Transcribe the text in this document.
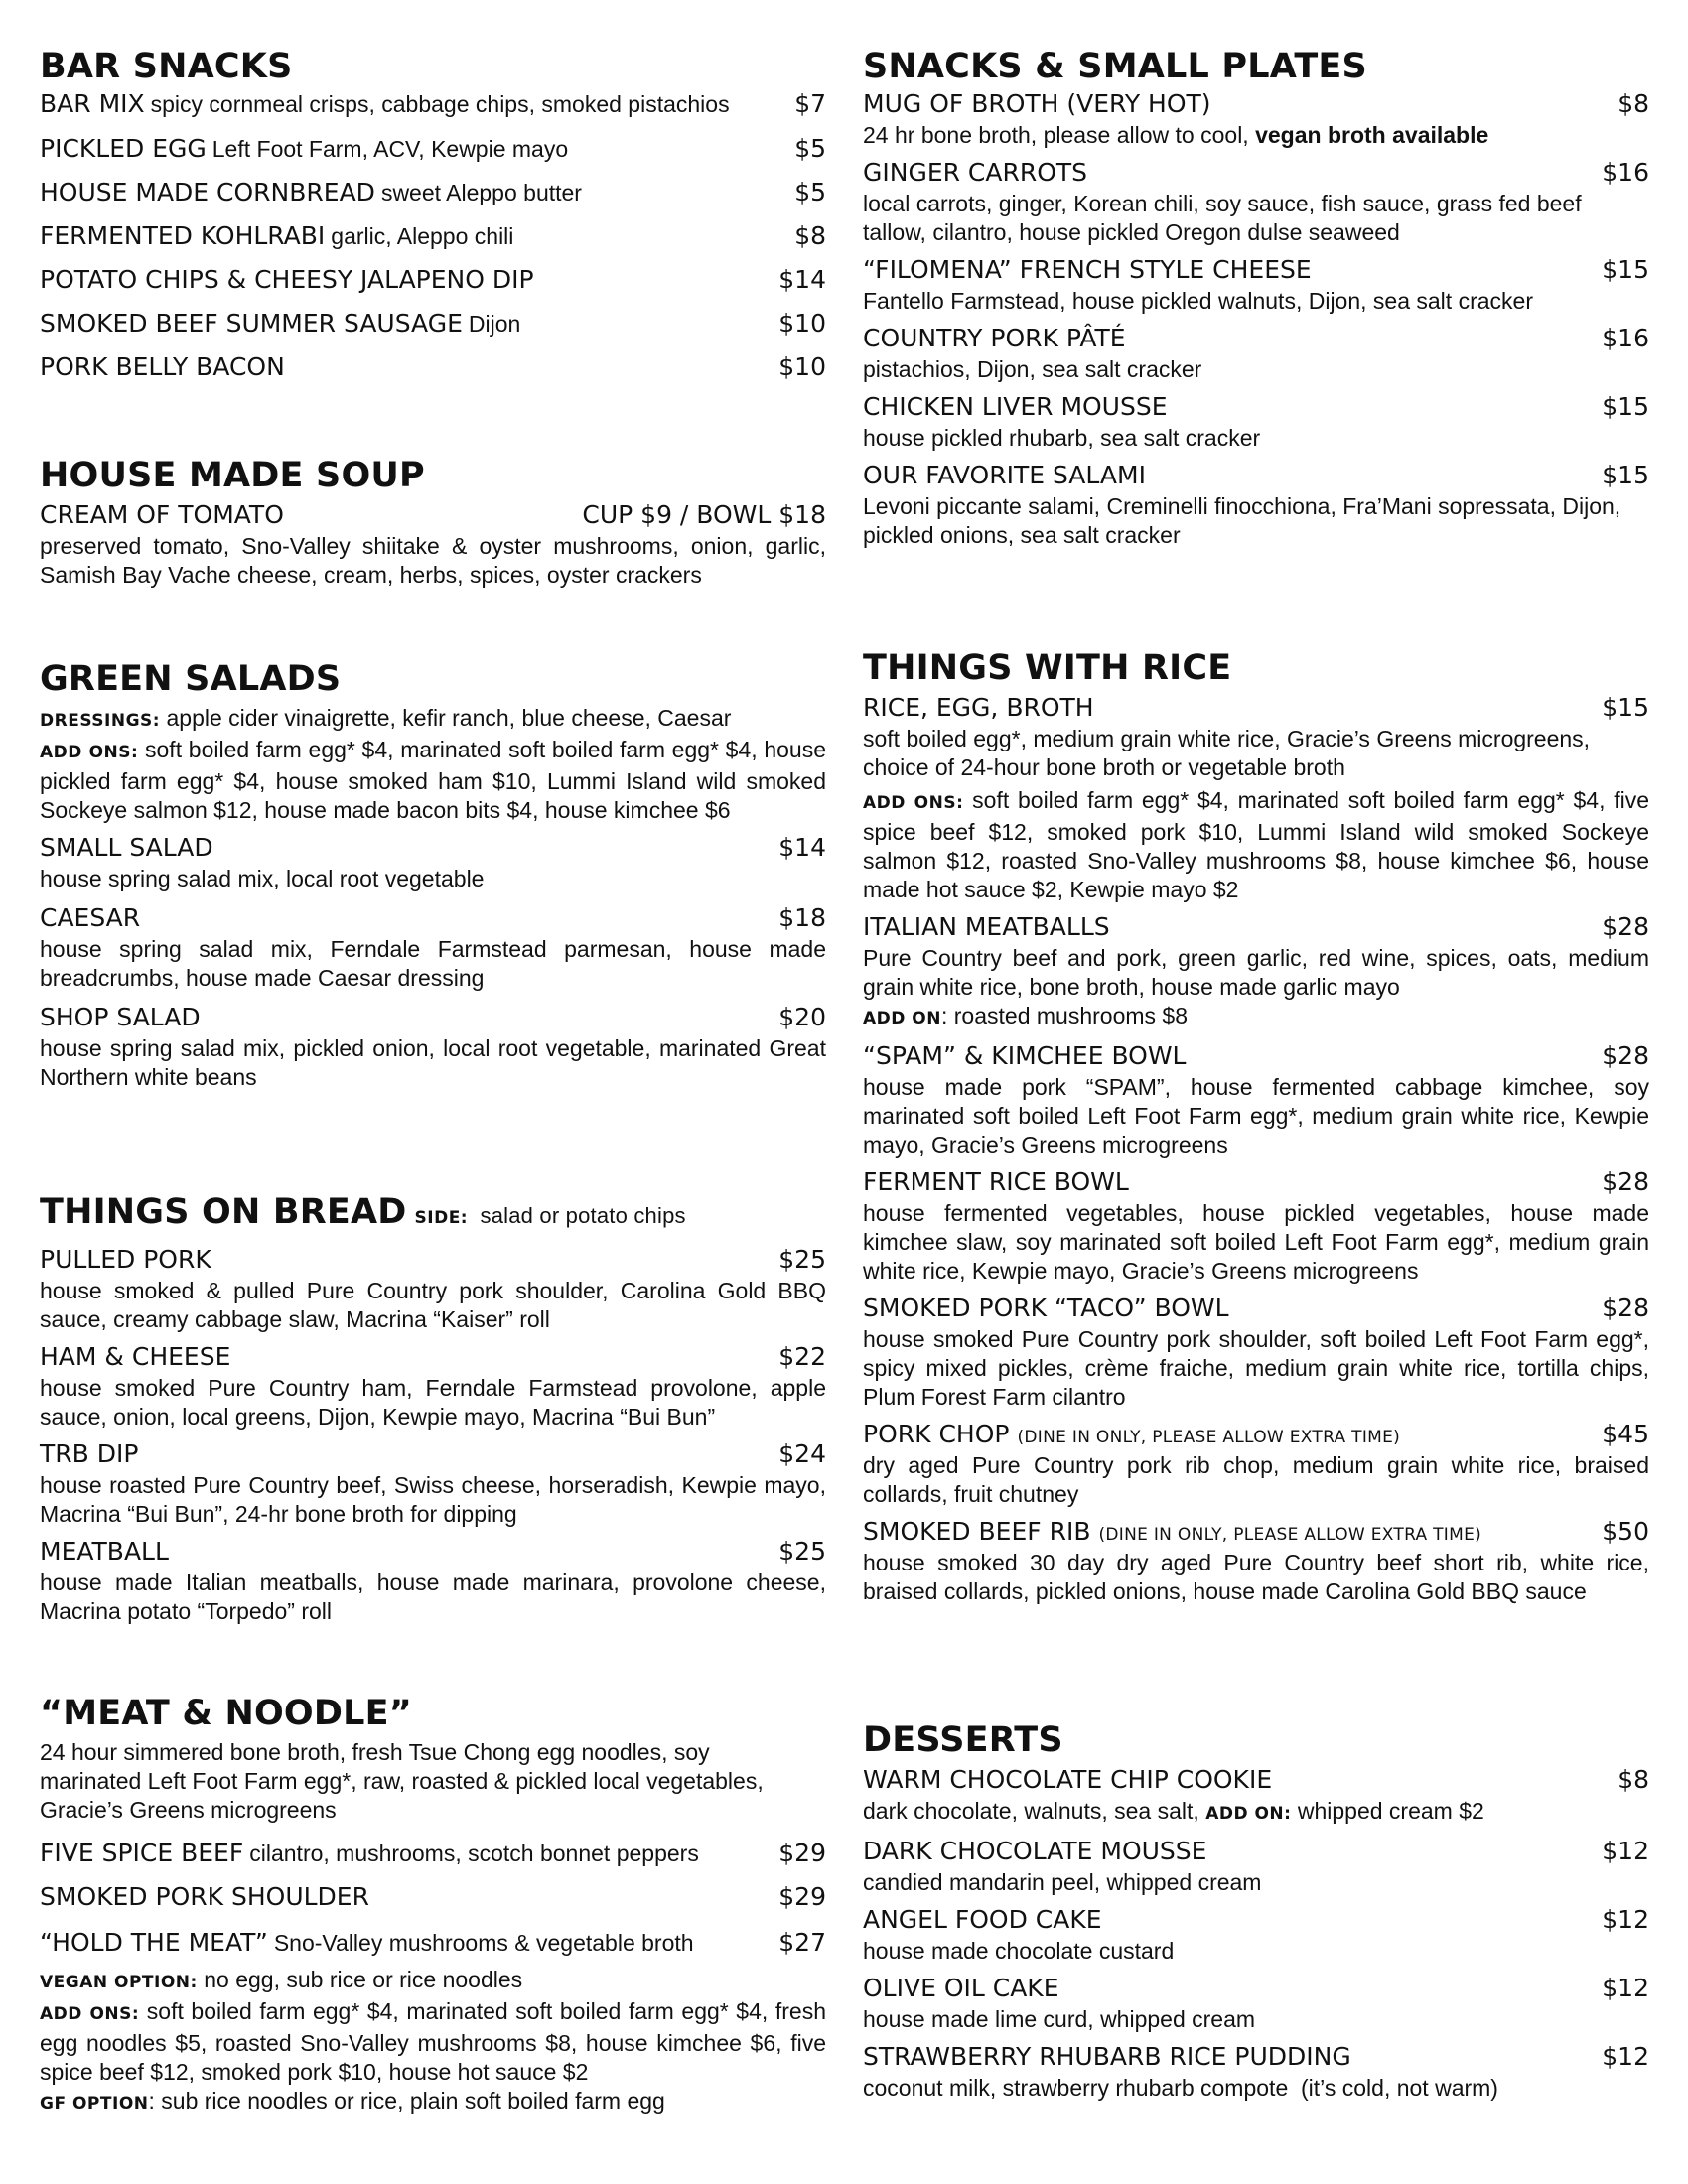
BAR SNACKS
BAR MIX spicy cornmeal crisps, cabbage chips, smoked pistachios	$7
PICKLED EGG Left Foot Farm, ACV, Kewpie mayo	$5
HOUSE MADE CORNBREAD sweet Aleppo butter	$5
FERMENTED KOHLRABI garlic, Aleppo chili	$8
POTATO CHIPS & CHEESY JALAPENO DIP	$14
SMOKED BEEF SUMMER SAUSAGE Dijon	$10
PORK BELLY BACON	$10
HOUSE MADE SOUP
CREAM OF TOMATO	CUP $9 / BOWL $18

preserved tomato, Sno-Valley shiitake & oyster mushrooms, onion, garlic, Samish Bay Vache cheese, cream, herbs, spices, oyster crackers

GREEN SALADS

DRESSINGS: apple cider vinaigrette, kefir ranch, blue cheese, Caesar

ADD ONS: soft boiled farm egg* $4, marinated soft boiled farm egg* $4, house pickled farm egg* $4, house smoked ham $10, Lummi Island wild smoked Sockeye salmon $12, house made bacon bits $4, house kimchee $6

SMALL SALAD	$14

house spring salad mix, local root vegetable

CAESAR	$18

house spring salad mix, Ferndale Farmstead parmesan, house made breadcrumbs, house made Caesar dressing

SHOP SALAD	$20

house spring salad mix, pickled onion, local root vegetable, marinated Great Northern white beans

THINGS ON BREAD SIDE: salad or potato chips
PULLED PORK	$25

house smoked & pulled Pure Country pork shoulder, Carolina Gold BBQ sauce, creamy cabbage slaw, Macrina “Kaiser” roll

HAM & CHEESE	$22

house smoked Pure Country ham, Ferndale Farmstead provolone, apple sauce, onion, local greens, Dijon, Kewpie mayo, Macrina “Bui Bun”

TRB DIP	$24

house roasted Pure Country beef, Swiss cheese, horseradish, Kewpie mayo, Macrina “Bui Bun”, 24-hr bone broth for dipping

MEATBALL	$25

house made Italian meatballs, house made marinara, provolone cheese, Macrina potato “Torpedo” roll

“MEAT & NOODLE”

24 hour simmered bone broth, fresh Tsue Chong egg noodles, soy marinated Left Foot Farm egg*, raw, roasted & pickled local vegetables, Gracie’s Greens microgreens

FIVE SPICE BEEF cilantro, mushrooms, scotch bonnet peppers	$29
SMOKED PORK SHOULDER	$29
“HOLD THE MEAT” Sno-Valley mushrooms & vegetable broth	$27

VEGAN OPTION: no egg, sub rice or rice noodles

ADD ONS: soft boiled farm egg* $4, marinated soft boiled farm egg* $4, fresh egg noodles $5, roasted Sno-Valley mushrooms $8, house kimchee $6, five spice beef $12, smoked pork $10, house hot sauce $2

GF OPTION: sub rice noodles or rice, plain soft boiled farm egg

SNACKS & SMALL PLATES
MUG OF BROTH (VERY HOT)	$8

24 hr bone broth, please allow to cool, vegan broth available

GINGER CARROTS	$16

local carrots, ginger, Korean chili, soy sauce, fish sauce, grass fed beef tallow, cilantro, house pickled Oregon dulse seaweed

“FILOMENA” FRENCH STYLE CHEESE	$15

Fantello Farmstead, house pickled walnuts, Dijon, sea salt cracker

COUNTRY PORK PÂTÉ	$16

pistachios, Dijon, sea salt cracker

CHICKEN LIVER MOUSSE	$15

house pickled rhubarb, sea salt cracker

OUR FAVORITE SALAMI	$15

Levoni piccante salami, Creminelli finocchiona, Fra’Mani sopressata, Dijon, pickled onions, sea salt cracker

THINGS WITH RICE
RICE, EGG, BROTH	$15

soft boiled egg*, medium grain white rice, Gracie’s Greens microgreens, choice of 24-hour bone broth or vegetable broth

ADD ONS: soft boiled farm egg* $4, marinated soft boiled farm egg* $4, five spice beef $12, smoked pork $10, Lummi Island wild smoked Sockeye salmon $12, roasted Sno-Valley mushrooms $8, house kimchee $6, house made hot sauce $2, Kewpie mayo $2

ITALIAN MEATBALLS	$28

Pure Country beef and pork, green garlic, red wine, spices, oats, medium grain white rice, bone broth, house made garlic mayo

ADD ON: roasted mushrooms $8

“SPAM” & KIMCHEE BOWL	$28

house made pork “SPAM”, house fermented cabbage kimchee, soy marinated soft boiled Left Foot Farm egg*, medium grain white rice, Kewpie mayo, Gracie’s Greens microgreens

FERMENT RICE BOWL	$28

house fermented vegetables, house pickled vegetables, house made kimchee slaw, soy marinated soft boiled Left Foot Farm egg*, medium grain white rice, Kewpie mayo, Gracie’s Greens microgreens

SMOKED PORK “TACO” BOWL	$28

house smoked Pure Country pork shoulder, soft boiled Left Foot Farm egg*, spicy mixed pickles, crème fraiche, medium grain white rice, tortilla chips, Plum Forest Farm cilantro

PORK CHOP (DINE IN ONLY, PLEASE ALLOW EXTRA TIME)	$45

dry aged Pure Country pork rib chop, medium grain white rice, braised collards, fruit chutney

SMOKED BEEF RIB (DINE IN ONLY, PLEASE ALLOW EXTRA TIME)	$50

house smoked 30 day dry aged Pure Country beef short rib, white rice, braised collards, pickled onions, house made Carolina Gold BBQ sauce

DESSERTS
WARM CHOCOLATE CHIP COOKIE	$8

dark chocolate, walnuts, sea salt, ADD ON: whipped cream $2

DARK CHOCOLATE MOUSSE	$12

candied mandarin peel, whipped cream

ANGEL FOOD CAKE	$12

house made chocolate custard

OLIVE OIL CAKE	$12

house made lime curd, whipped cream

STRAWBERRY RHUBARB RICE PUDDING	$12

coconut milk, strawberry rhubarb compote  (it’s cold, not warm)
